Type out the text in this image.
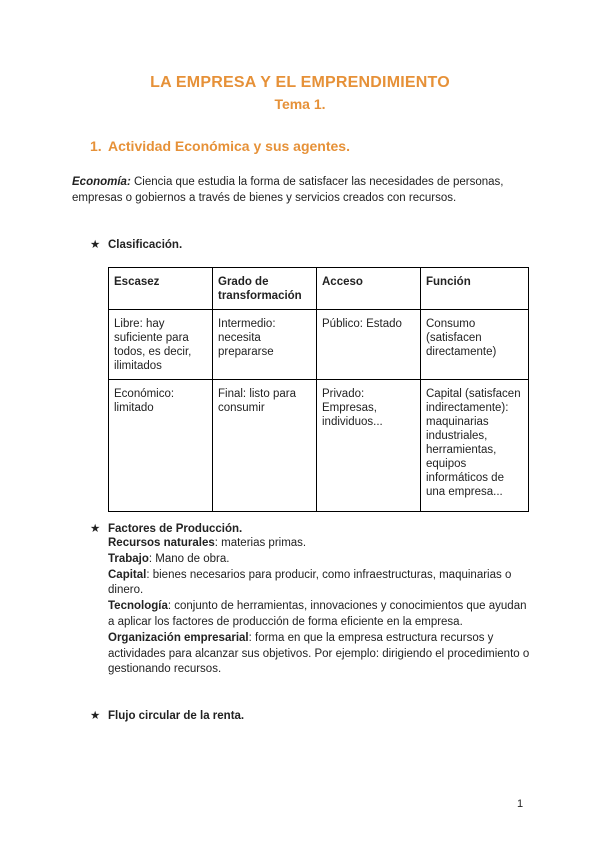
LA EMPRESA Y EL EMPRENDIMIENTO
Tema 1.
1. Actividad Económica y sus agentes.
Economía: Ciencia que estudia la forma de satisfacer las necesidades de personas, empresas o gobiernos a través de bienes y servicios creados con recursos.
★ Clasificación.
Escasez	Grado de transformación	Acceso	Función
Libre: hay suficiente para todos, es decir, ilimitados	Intermedio: necesita prepararse	Público: Estado	Consumo (satisfacen directamente)
Económico: limitado	Final: listo para consumir	Privado: Empresas, individuos...	Capital (satisfacen indirectamente): maquinarias industriales, herramientas, equipos informáticos de una empresa...
★ Factores de Producción.

Recursos naturales: materias primas.

Trabajo: Mano de obra.

Capital: bienes necesarios para producir, como infraestructuras, maquinarias o dinero.

Tecnología: conjunto de herramientas, innovaciones y conocimientos que ayudan a aplicar los factores de producción de forma eficiente en la empresa.

Organización empresarial: forma en que la empresa estructura recursos y actividades para alcanzar sus objetivos. Por ejemplo: dirigiendo el procedimiento o gestionando recursos.

★ Flujo circular de la renta.
1
